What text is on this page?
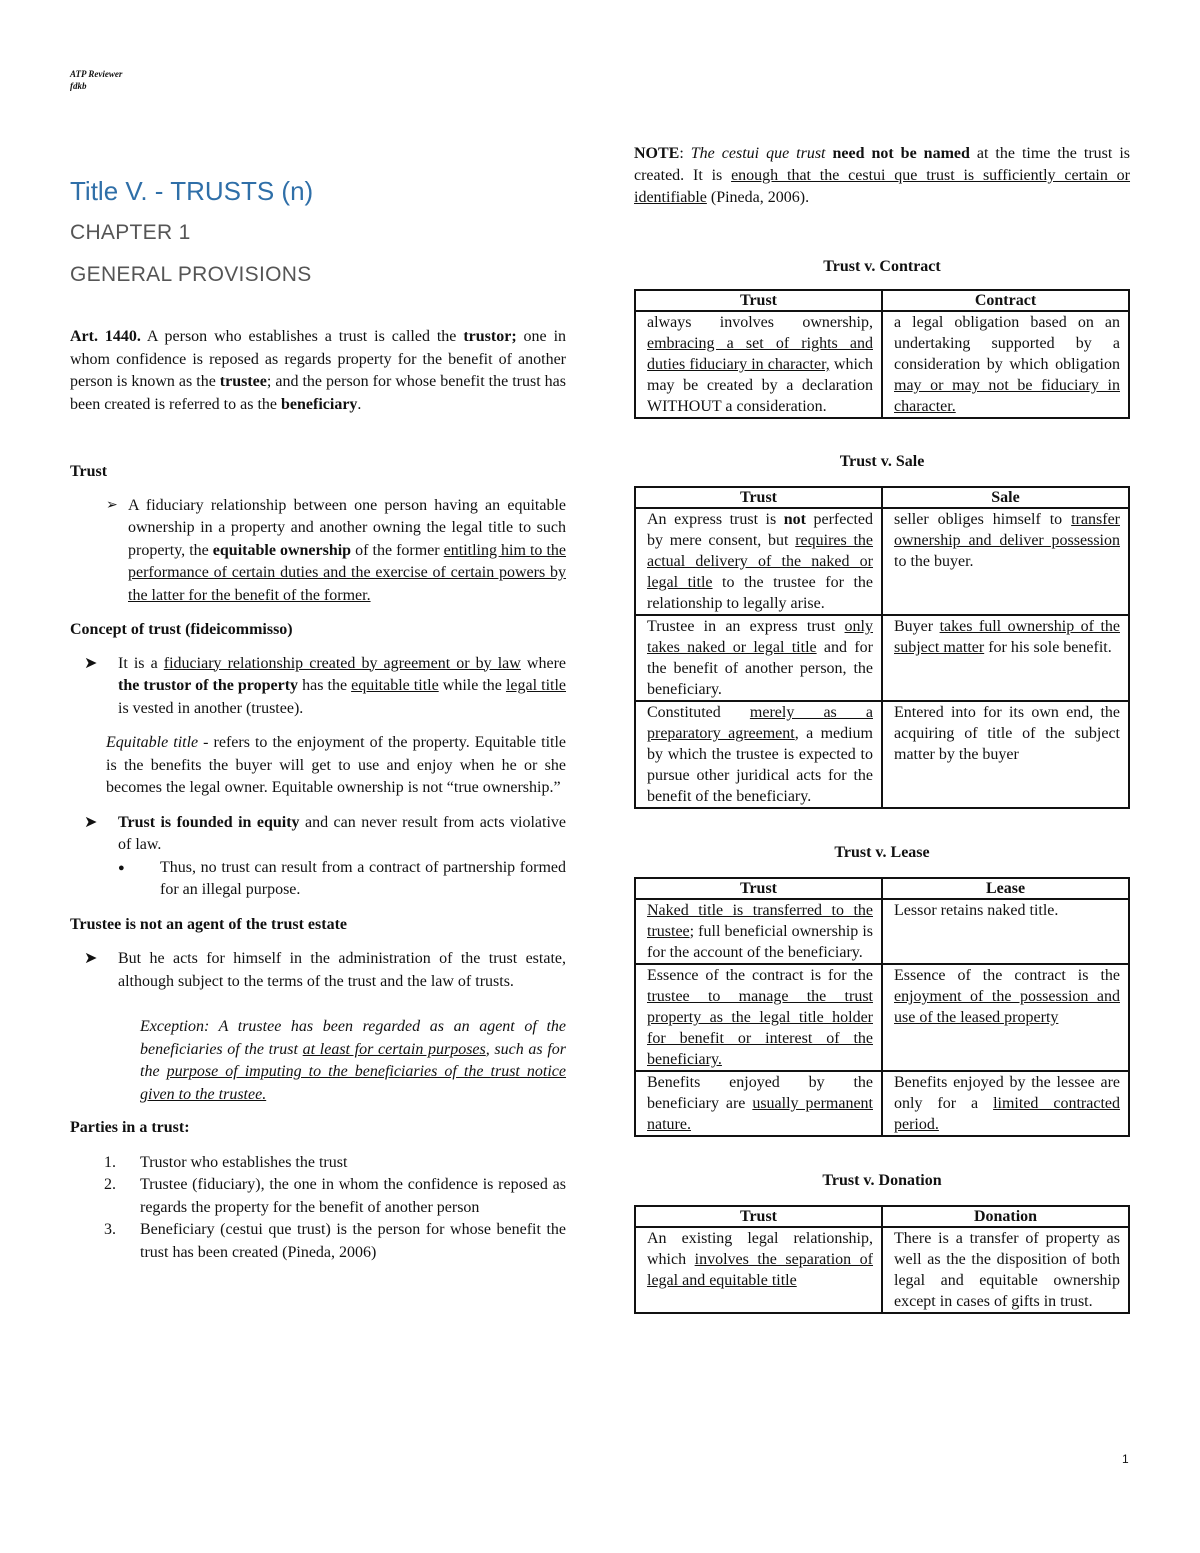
ATP Reviewer
fdkb
Title V. - TRUSTS (n)
CHAPTER 1
GENERAL PROVISIONS

Art. 1440. A person who establishes a trust is called the trustor; one in whom confidence is reposed as regards property for the benefit of another person is known as the trustee; and the person for whose benefit the trust has been created is referred to as the beneficiary.

Trust

➢ A fiduciary relationship between one person having an equitable ownership in a property and another owning the legal title to such property, the equitable ownership of the former entitling him to the performance of certain duties and the exercise of certain powers by the latter for the benefit of the former.

Concept of trust (fideicommisso)

➤	It is a fiduciary relationship created by agreement or by law where the trustor of the property has the equitable title while the legal title is vested in another (trustee).

Equitable title - refers to the enjoyment of the property. Equitable title is the benefits the buyer will get to use and enjoy when he or she becomes the legal owner. Equitable ownership is not “true ownership.”

➤	Trust is founded in equity and can never result from acts violative of law.
●	Thus, no trust can result from a contract of partnership formed for an illegal purpose.

Trustee is not an agent of the trust estate

➤	But he acts for himself in the administration of the trust estate, although subject to the terms of the trust and the law of trusts.

Exception: A trustee has been regarded as an agent of the beneficiaries of the trust at least for certain purposes, such as for the purpose of imputing to the beneficiaries of the trust notice given to the trustee.

Parties in a trust:

1.	Trustor who establishes the trust
2.	Trustee (fiduciary), the one in whom the confidence is reposed as regards the property for the benefit of another person
3.	Beneficiary (cestui que trust) is the person for whose benefit the trust has been created (Pineda, 2006)

NOTE: The cestui que trust need not be named at the time the trust is created. It is enough that the cestui que trust is sufficiently certain or identifiable (Pineda, 2006).

Trust v. Contract

Trust	Contract
always involves ownership, embracing a set of rights and duties fiduciary in character, which may be created by a declaration WITHOUT a consideration.	a legal obligation based on an undertaking supported by a consideration by which obligation may or may not be fiduciary in character.

Trust v. Sale

Trust	Sale
An express trust is not perfected by mere consent, but requires the actual delivery of the naked or legal title to the trustee for the relationship to legally arise.	seller obliges himself to transfer ownership and deliver possession to the buyer.
Trustee in an express trust only takes naked or legal title and for the benefit of another person, the beneficiary.	Buyer takes full ownership of the subject matter for his sole benefit.
Constituted merely as a preparatory agreement, a medium by which the trustee is expected to pursue other juridical acts for the benefit of the beneficiary.	Entered into for its own end, the acquiring of title of the subject matter by the buyer

Trust v. Lease

Trust	Lease
Naked title is transferred to the trustee; full beneficial ownership is for the account of the beneficiary.	Lessor retains naked title.
Essence of the contract is for the trustee to manage the trust property as the legal title holder for benefit or interest of the beneficiary.	Essence of the contract is the enjoyment of the possession and use of the leased property
Benefits enjoyed by the beneficiary are usually permanent nature.	Benefits enjoyed by the lessee are only for a limited contracted period.

Trust v. Donation

Trust	Donation
An existing legal relationship, which involves the separation of legal and equitable title	There is a transfer of property as well as the the disposition of both legal and equitable ownership except in cases of gifts in trust.
1
